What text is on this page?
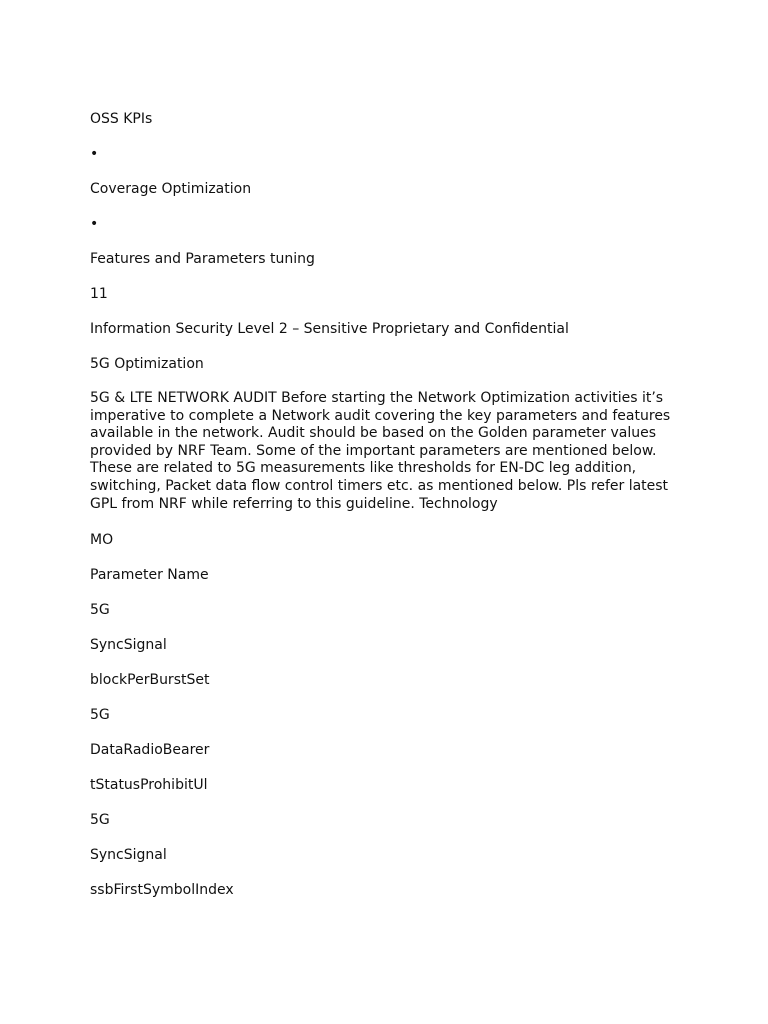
OSS KPIs

•

Coverage Optimization

•

Features and Parameters tuning

11

Information Security Level 2 – Sensitive Proprietary and Confidential

5G Optimization

5G & LTE NETWORK AUDIT Before starting the Network Optimization activities it’s imperative to complete a Network audit covering the key parameters and features available in the network. Audit should be based on the Golden parameter values provided by NRF Team. Some of the important parameters are mentioned below. These are related to 5G measurements like thresholds for EN-DC leg addition, switching, Packet data flow control timers etc. as mentioned below. Pls refer latest GPL from NRF while referring to this guideline. Technology

MO

Parameter Name

5G

SyncSignal

blockPerBurstSet

5G

DataRadioBearer

tStatusProhibitUl

5G

SyncSignal

ssbFirstSymbolIndex
